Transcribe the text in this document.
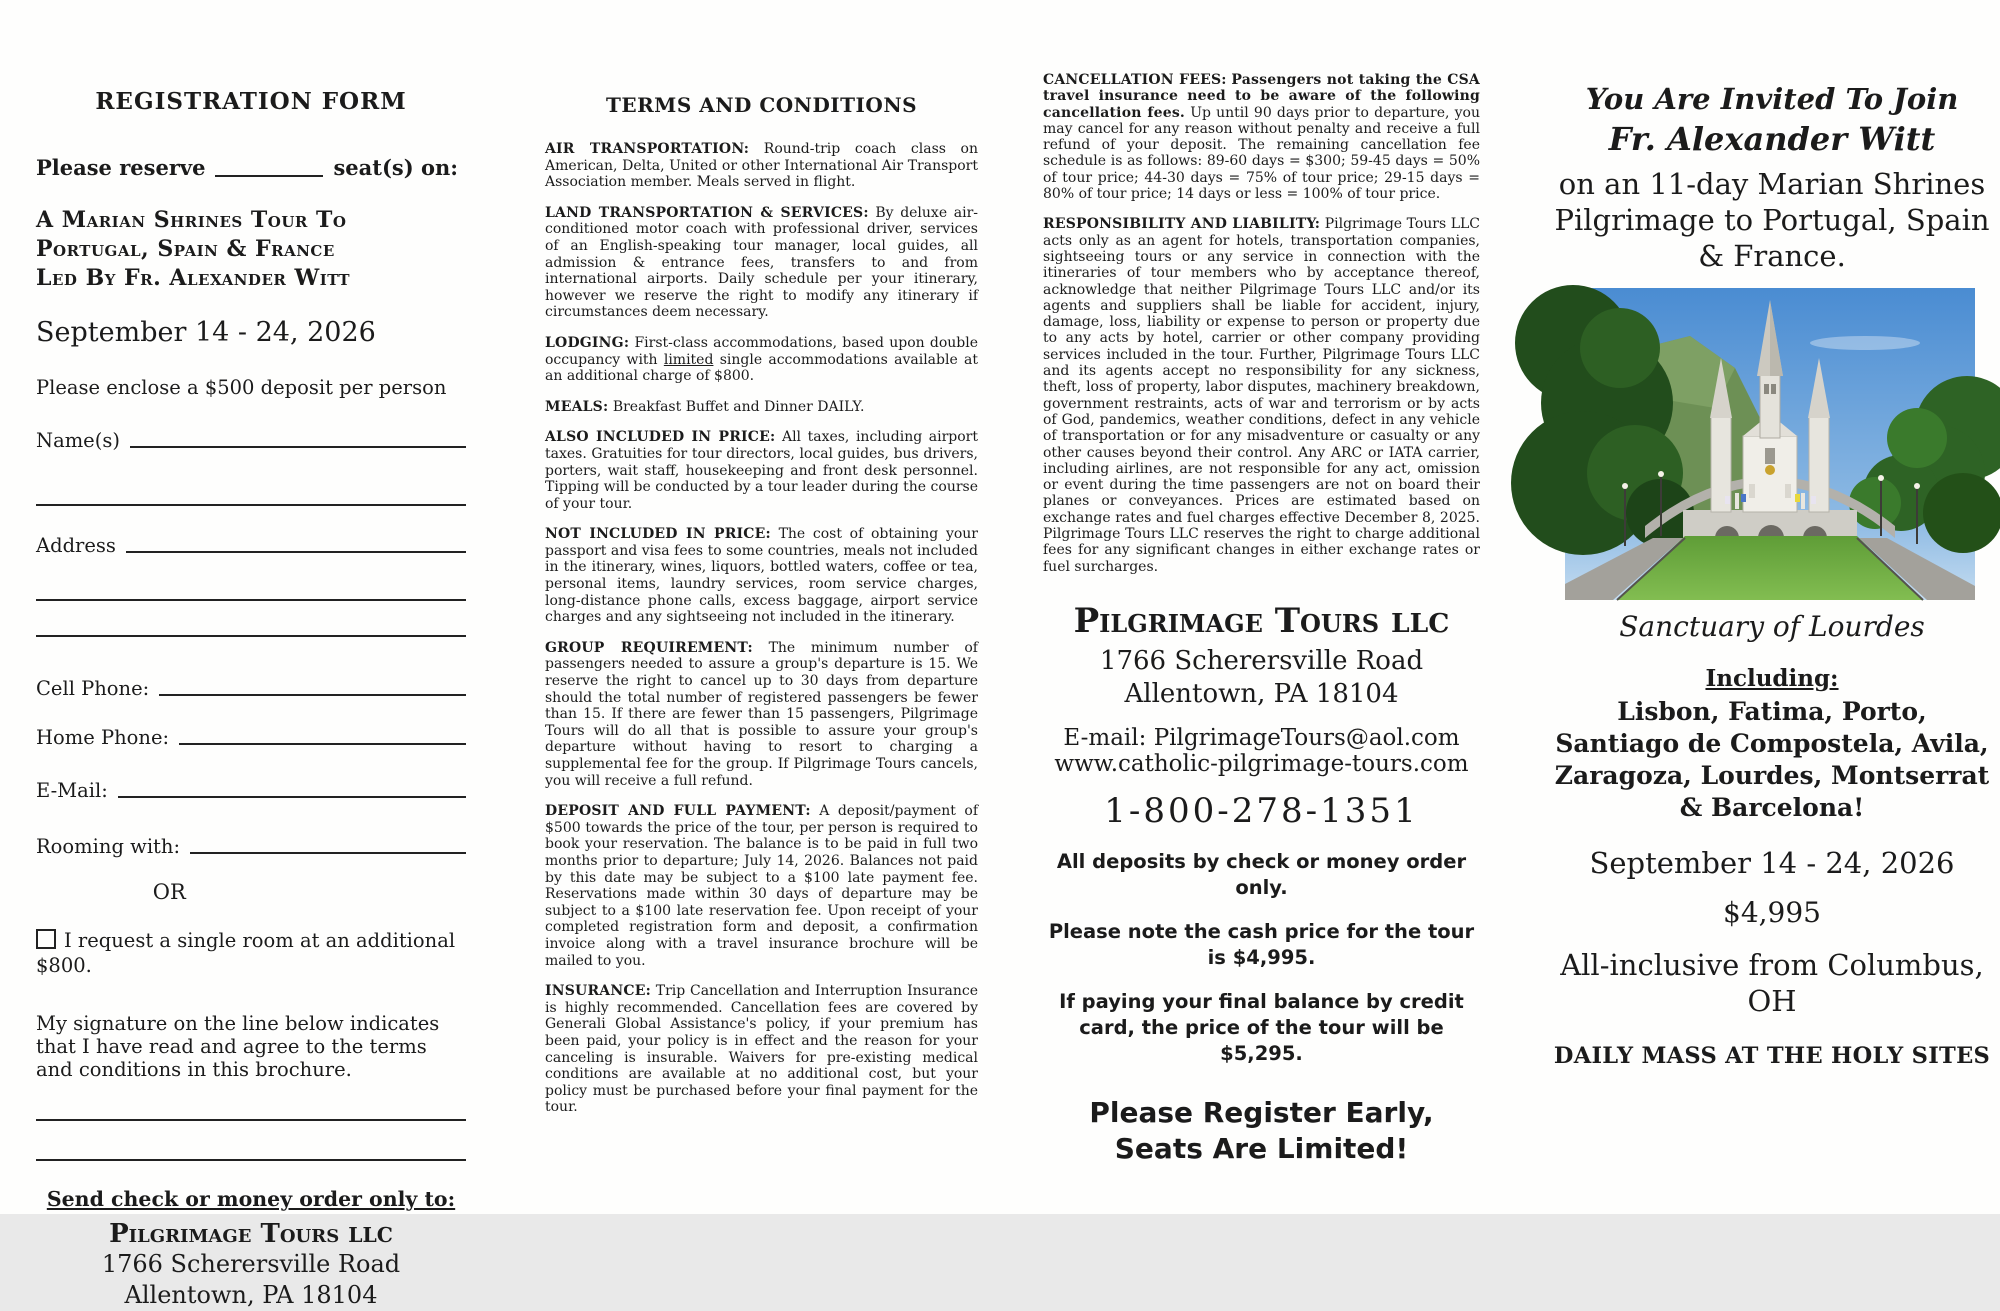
REGISTRATION FORM
Please reserve	seat(s) on:
A Marian Shrines Tour To
Portugal, Spain & France
Led By Fr. Alexander Witt
September 14 - 24, 2026
Please enclose a $500 deposit per person
Name(s)
Address
Cell Phone:
Home Phone:
E-Mail:
Rooming with:
OR
I request a single room at an additional $800.
My signature on the line below indicates that I have read and agree to the terms and conditions in this brochure.
Send check or money order only to:
Pilgrimage Tours LLC
1766 Scherersville Road
Allentown, PA 18104
TERMS AND CONDITIONS

AIR TRANSPORTATION: Round-trip coach class on American, Delta, United or other International Air Transport Association member. Meals served in flight.

LAND TRANSPORTATION & SERVICES: By deluxe air-conditioned motor coach with professional driver, services of an English-speaking tour manager, local guides, all admission & entrance fees, transfers to and from international airports. Daily schedule per your itinerary, however we reserve the right to modify any itinerary if circumstances deem necessary.

LODGING: First-class accommodations, based upon double occupancy with limited single accommodations available at an additional charge of $800.

MEALS: Breakfast Buffet and Dinner DAILY.

ALSO INCLUDED IN PRICE: All taxes, including airport taxes. Gratuities for tour directors, local guides, bus drivers, porters, wait staff, housekeeping and front desk personnel. Tipping will be conducted by a tour leader during the course of your tour.

NOT INCLUDED IN PRICE: The cost of obtaining your passport and visa fees to some countries, meals not included in the itinerary, wines, liquors, bottled waters, coffee or tea, personal items, laundry services, room service charges, long-distance phone calls, excess baggage, airport service charges and any sightseeing not included in the itinerary.

GROUP REQUIREMENT: The minimum number of passengers needed to assure a group's departure is 15. We reserve the right to cancel up to 30 days from departure should the total number of registered passengers be fewer than 15. If there are fewer than 15 passengers, Pilgrimage Tours will do all that is possible to assure your group's departure without having to resort to charging a supplemental fee for the group. If Pilgrimage Tours cancels, you will receive a full refund.

DEPOSIT AND FULL PAYMENT: A deposit/payment of $500 towards the price of the tour, per person is required to book your reservation. The balance is to be paid in full two months prior to departure; July 14, 2026. Balances not paid by this date may be subject to a $100 late payment fee. Reservations made within 30 days of departure may be subject to a $100 late reservation fee. Upon receipt of your completed registration form and deposit, a confirmation invoice along with a travel insurance brochure will be mailed to you.

INSURANCE: Trip Cancellation and Interruption Insurance is highly recommended. Cancellation fees are covered by Generali Global Assistance's policy, if your premium has been paid, your policy is in effect and the reason for your canceling is insurable. Waivers for pre-existing medical conditions are available at no additional cost, but your policy must be purchased before your final payment for the tour.

CANCELLATION FEES: Passengers not taking the CSA travel insurance need to be aware of the following cancellation fees. Up until 90 days prior to departure, you may cancel for any reason without penalty and receive a full refund of your deposit. The remaining cancellation fee schedule is as follows: 89-60 days = $300; 59-45 days = 50% of tour price; 44-30 days = 75% of tour price; 29-15 days = 80% of tour price; 14 days or less = 100% of tour price.

RESPONSIBILITY AND LIABILITY: Pilgrimage Tours LLC acts only as an agent for hotels, transportation companies, sightseeing tours or any service in connection with the itineraries of tour members who by acceptance thereof, acknowledge that neither Pilgrimage Tours LLC and/or its agents and suppliers shall be liable for accident, injury, damage, loss, liability or expense to person or property due to any acts by hotel, carrier or other company providing services included in the tour. Further, Pilgrimage Tours LLC and its agents accept no responsibility for any sickness, theft, loss of property, labor disputes, machinery breakdown, government restraints, acts of war and terrorism or by acts of God, pandemics, weather conditions, defect in any vehicle of transportation or for any misadventure or casualty or any other causes beyond their control. Any ARC or IATA carrier, including airlines, are not responsible for any act, omission or event during the time passengers are not on board their planes or conveyances. Prices are estimated based on exchange rates and fuel charges effective December 8, 2025. Pilgrimage Tours LLC reserves the right to charge additional fees for any significant changes in either exchange rates or fuel surcharges.

Pilgrimage Tours LLC
1766 Scherersville Road
Allentown, PA 18104
E-mail: PilgrimageTours@aol.com
www.catholic-pilgrimage-tours.com
1-800-278-1351
All deposits by check or money order only.
Please note the cash price for the tour is $4,995.
If paying your final balance by credit card, the price of the tour will be $5,295.
Please Register Early, Seats Are Limited!
You Are Invited To Join
Fr. Alexander Witt
on an 11-day Marian Shrines Pilgrimage to Portugal, Spain & France.
Sanctuary of Lourdes
Including:
Lisbon, Fatima, Porto, Santiago de Compostela, Avila, Zaragoza, Lourdes, Montserrat & Barcelona!
September 14 - 24, 2026
$4,995
All-inclusive from Columbus, OH
DAILY MASS AT THE HOLY SITES
